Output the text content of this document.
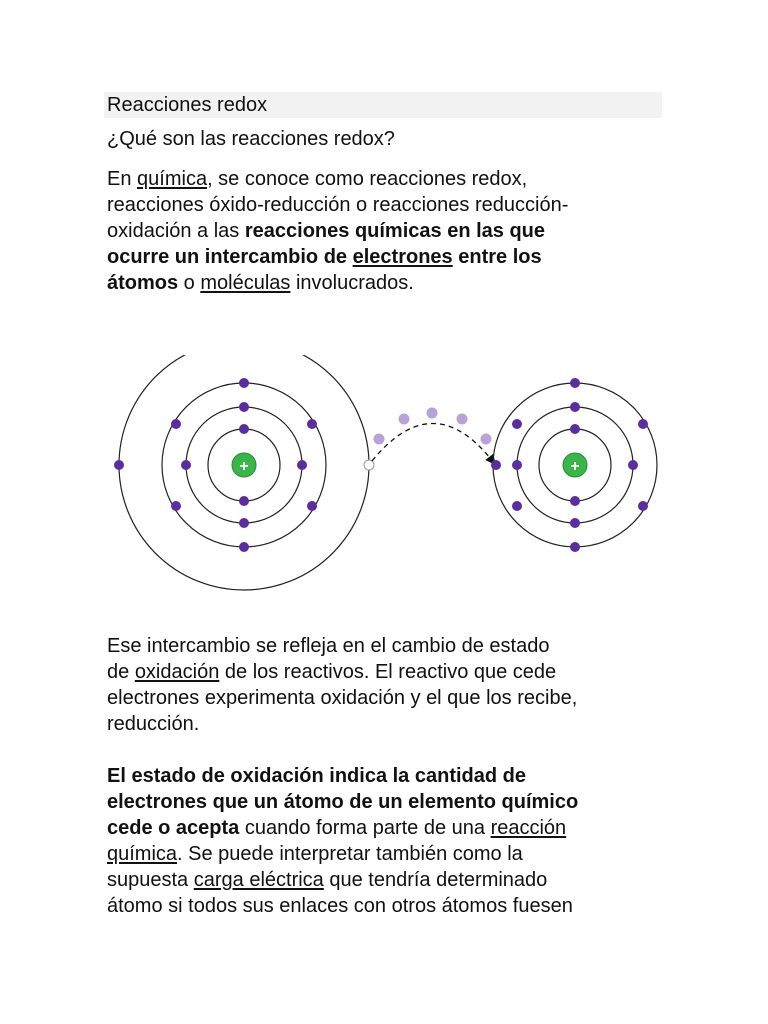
Reacciones redox
¿Qué son las reacciones redox?

En química, se conoce como reacciones redox,
reacciones óxido-reducción o reacciones reducción-
oxidación a las reacciones químicas en las que
ocurre un intercambio de electrones entre los
átomos o moléculas involucrados.

+	+

Ese intercambio se refleja en el cambio de estado
de oxidación de los reactivos. El reactivo que cede
electrones experimenta oxidación y el que los recibe,
reducción.

El estado de oxidación indica la cantidad de
electrones que un átomo de un elemento químico
cede o acepta cuando forma parte de una reacción
química. Se puede interpretar también como la
supuesta carga eléctrica que tendría determinado
átomo si todos sus enlaces con otros átomos fuesen
